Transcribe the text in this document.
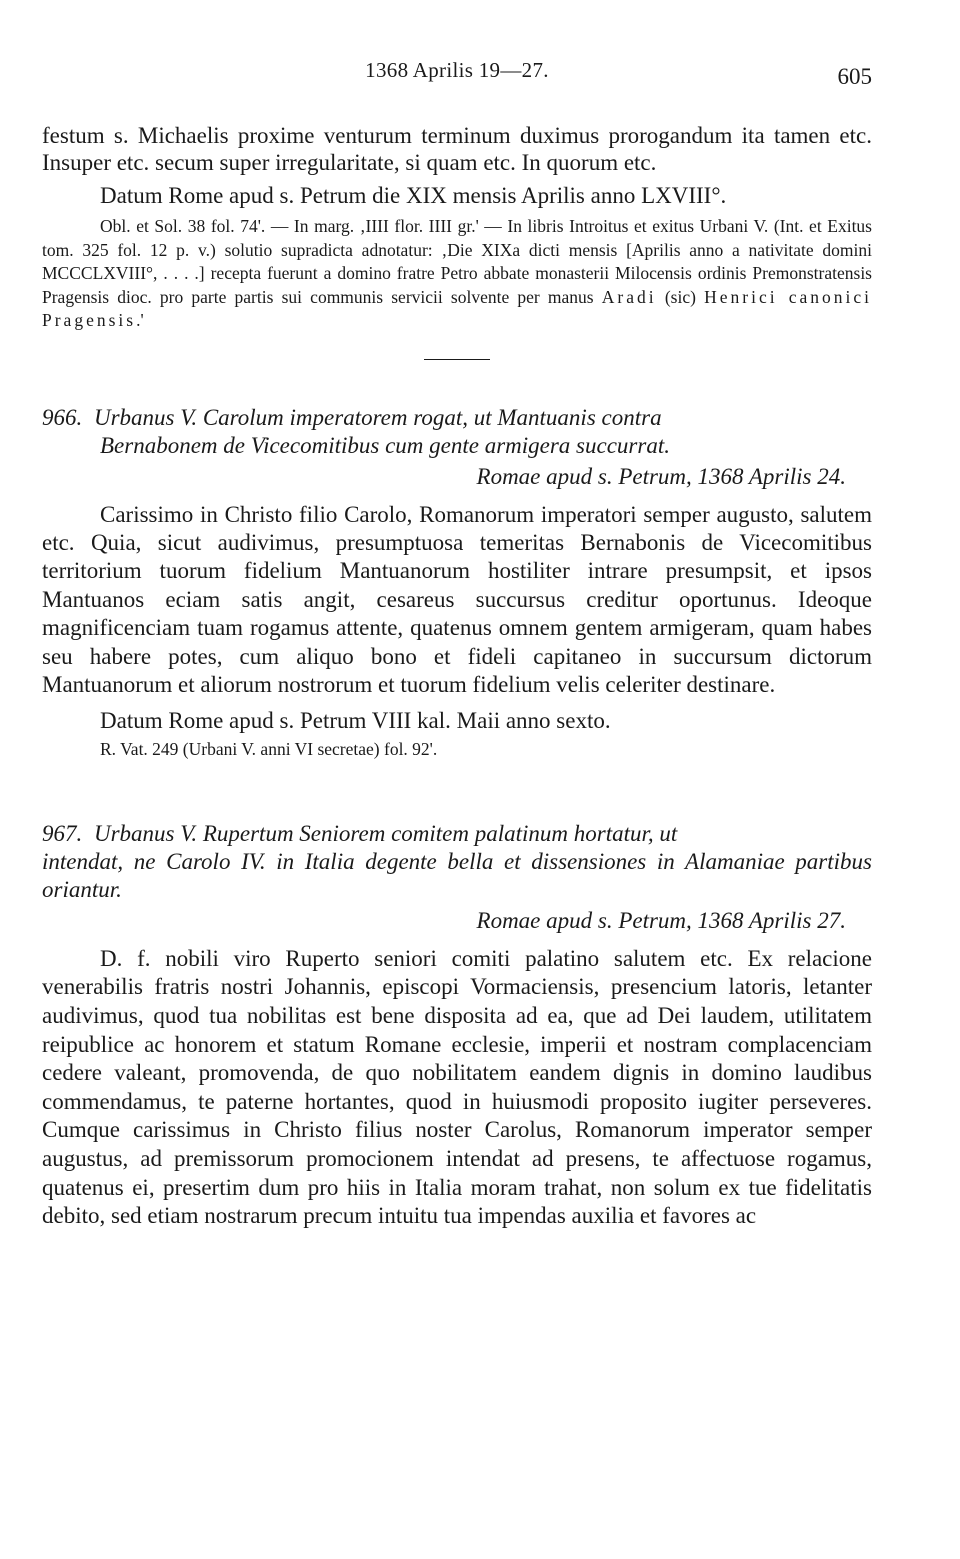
1368 Aprilis 19—27.	605

festum s. Michaelis proxime venturum terminum duximus prorogandum ita tamen etc. Insuper etc. secum super irregularitate, si quam etc. In quorum etc.

Datum Rome apud s. Petrum die XIX mensis Aprilis anno LXVIII°.

Obl. et Sol. 38 fol. 74'. — In marg. ‚IIII flor. IIII gr.' — In libris Introitus et exitus Urbani V. (Int. et Exitus tom. 325 fol. 12 p. v.) solutio supradicta adnotatur: ‚Die XIXa dicti mensis [Aprilis anno a nativitate domini MCCCLXVIII°, . . . .] recepta fuerunt a domino fratre Petro abbate monasterii Milocensis ordinis Premonstratensis Pragensis dioc. pro parte partis sui communis servicii solvente per manus Aradi (sic) Henrici canonici Pragensis.'

966. Urbanus V. Carolum imperatorem rogat, ut Mantuanis contra
Bernabonem de Vicecomitibus cum gente armigera succurrat.

Romae apud s. Petrum, 1368 Aprilis 24.

Carissimo in Christo filio Carolo, Romanorum imperatori semper augusto, salutem etc. Quia, sicut audivimus, presumptuosa temeritas Bernabonis de Vicecomitibus territorium tuorum fidelium Mantuanorum hostiliter intrare presumpsit, et ipsos Mantuanos eciam satis angit, cesareus succursus creditur oportunus. Ideoque magnificenciam tuam rogamus attente, quatenus omnem gentem armigeram, quam habes seu habere potes, cum aliquo bono et fideli capitaneo in succursum dictorum Mantuanorum et aliorum nostrorum et tuorum fidelium velis celeriter destinare.

Datum Rome apud s. Petrum VIII kal. Maii anno sexto.

R. Vat. 249 (Urbani V. anni VI secretae) fol. 92'.

967. Urbanus V. Rupertum Seniorem comitem palatinum hortatur, ut
intendat, ne Carolo IV. in Italia degente bella et dissensiones in Alamaniae partibus oriantur.

Romae apud s. Petrum, 1368 Aprilis 27.

D. f. nobili viro Ruperto seniori comiti palatino salutem etc. Ex relacione venerabilis fratris nostri Johannis, episcopi Vormaciensis, presencium latoris, letanter audivimus, quod tua nobilitas est bene disposita ad ea, que ad Dei laudem, utilitatem reipublice ac honorem et statum Romane ecclesie, imperii et nostram complacenciam cedere valeant, promovenda, de quo nobilitatem eandem dignis in domino laudibus commendamus, te paterne hortantes, quod in huiusmodi proposito iugiter perseveres. Cumque carissimus in Christo filius noster Carolus, Romanorum imperator semper augustus, ad premissorum promocionem intendat ad presens, te affectuose rogamus, quatenus ei, presertim dum pro hiis in Italia moram trahat, non solum ex tue fidelitatis debito, sed etiam nostrarum precum intuitu tua impendas auxilia et favores ac
